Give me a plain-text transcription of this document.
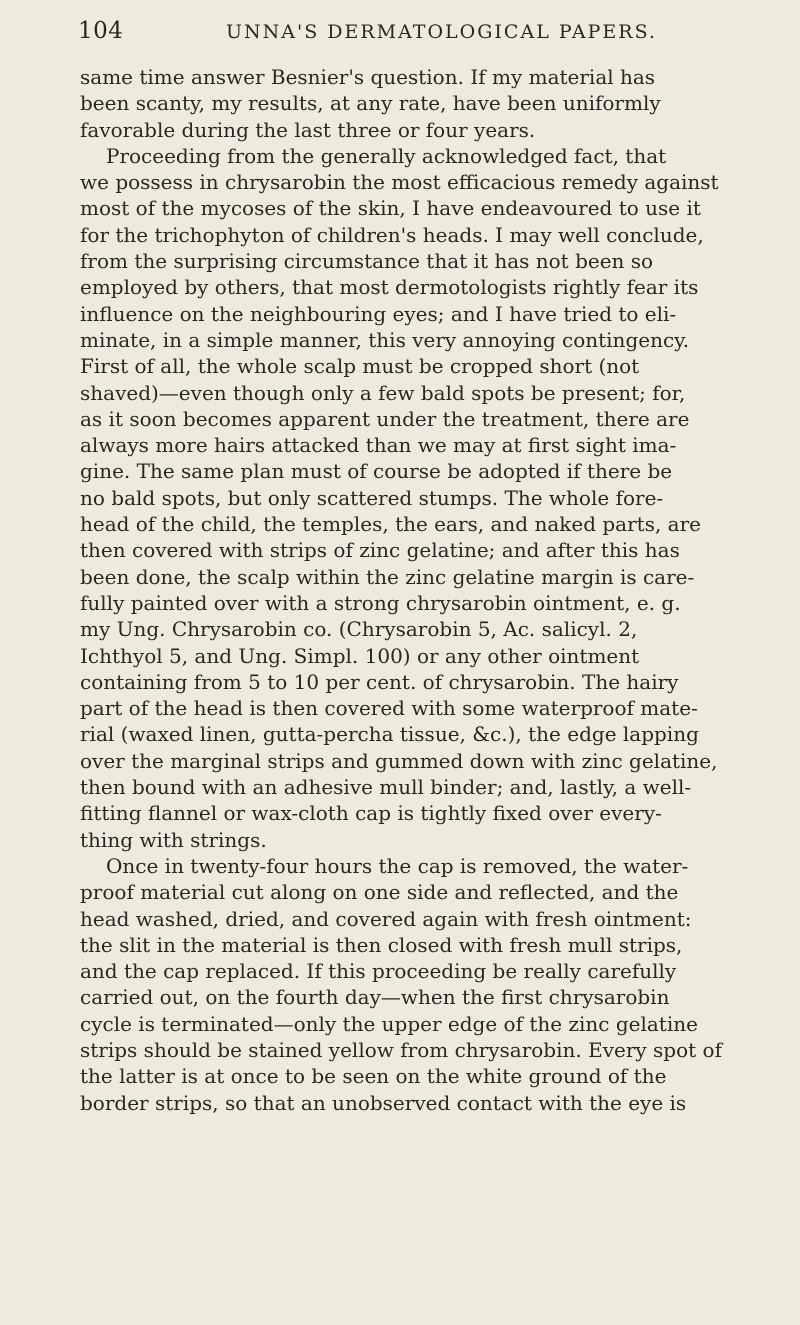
104	UNNA'S DERMATOLOGICAL PAPERS.
same time answer Besnier's question. If my material has
been scanty, my results, at any rate, have been uniformly
favorable during the last three or four years.
Proceeding from the generally acknowledged fact, that
we possess in chrysarobin the most efficacious remedy against
most of the mycoses of the skin, I have endeavoured to use it
for the trichophyton of children's heads. I may well conclude,
from the surprising circumstance that it has not been so
employed by others, that most dermotologists rightly fear its
influence on the neighbouring eyes; and I have tried to eli-
minate, in a simple manner, this very annoying contingency.
First of all, the whole scalp must be cropped short (not
shaved)—even though only a few bald spots be present; for,
as it soon becomes apparent under the treatment, there are
always more hairs attacked than we may at first sight ima-
gine. The same plan must of course be adopted if there be
no bald spots, but only scattered stumps. The whole fore-
head of the child, the temples, the ears, and naked parts, are
then covered with strips of zinc gelatine; and after this has
been done, the scalp within the zinc gelatine margin is care-
fully painted over with a strong chrysarobin ointment, e. g.
my Ung. Chrysarobin co. (Chrysarobin 5, Ac. salicyl. 2,
Ichthyol 5, and Ung. Simpl. 100) or any other ointment
containing from 5 to 10 per cent. of chrysarobin. The hairy
part of the head is then covered with some waterproof mate-
rial (waxed linen, gutta-percha tissue, &c.), the edge lapping
over the marginal strips and gummed down with zinc gelatine,
then bound with an adhesive mull binder; and, lastly, a well-
fitting flannel or wax-cloth cap is tightly fixed over every-
thing with strings.
Once in twenty-four hours the cap is removed, the water-
proof material cut along on one side and reflected, and the
head washed, dried, and covered again with fresh ointment:
the slit in the material is then closed with fresh mull strips,
and the cap replaced. If this proceeding be really carefully
carried out, on the fourth day—when the first chrysarobin
cycle is terminated—only the upper edge of the zinc gelatine
strips should be stained yellow from chrysarobin. Every spot of
the latter is at once to be seen on the white ground of the
border strips, so that an unobserved contact with the eye is
